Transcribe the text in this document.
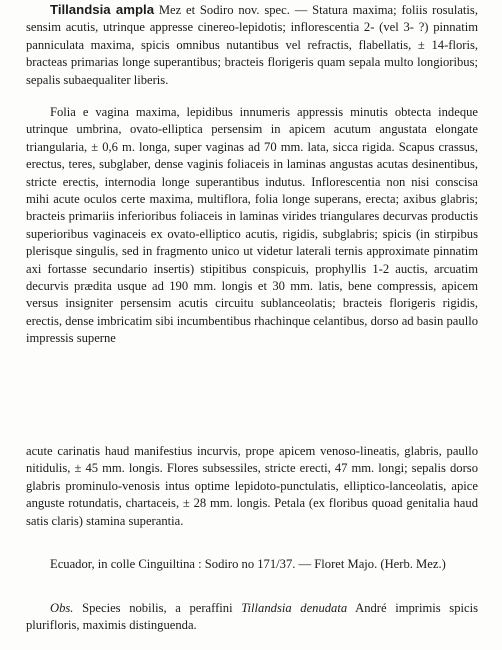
Tillandsia ampla Mez et Sodiro nov. spec. — Statura maxima; foliis rosulatis, sensim acutis, utrinque appresse cinereo-lepidotis; inflorescentia 2- (vel 3- ?) pinnatim panniculata maxima, spicis omnibus nutantibus vel refractis, flabellatis, ± 14-floris, bracteas primarias longe superantibus; bracteis florigeris quam sepala multo longioribus; sepalis subaequaliter liberis.

Folia e vagina maxima, lepidibus innumeris appressis minutis obtecta indeque utrinque umbrina, ovato-elliptica persensim in apicem acutum angustata elongate triangularia, ± 0,6 m. longa, super vaginas ad 70 mm. lata, sicca rigida. Scapus crassus, erectus, teres, subglaber, dense vaginis foliaceis in laminas angustas acutas desinentibus, stricte erectis, internodia longe superantibus indutus. Inflorescentia non nisi conscisa mihi acute oculos certe maxima, multiflora, folia longe superans, erecta; axibus glabris; bracteis primariis inferioribus foliaceis in laminas virides triangulares decurvas productis superioribus vaginaceis ex ovato-elliptico acutis, rigidis, subglabris; spicis (in stirpibus plerisque singulis, sed in fragmento unico ut videtur laterali ternis approximate pinnatim axi fortasse secundario insertis) stipitibus conspicuis, prophyllis 1-2 auctis, arcuatim decurvis prædita usque ad 190 mm. longis et 30 mm. latis, bene compressis, apicem versus insigniter persensim acutis circuitu sublanceolatis; bracteis florigeris rigidis, erectis, dense imbricatim sibi incumbentibus rhachinque celantibus, dorso ad basin paullo impressis superne

acute carinatis haud manifestius incurvis, prope apicem venoso-lineatis, glabris, paullo nitidulis, ± 45 mm. longis. Flores subsessiles, stricte erecti, 47 mm. longi; sepalis dorso glabris prominulo-venosis intus optime lepidoto-punctulatis, elliptico-lanceolatis, apice anguste rotundatis, chartaceis, ± 28 mm. longis. Petala (ex floribus quoad genitalia haud satis claris) stamina superantia.

Ecuador, in colle Cinguiltina : Sodiro no 171/37. — Floret Majo. (Herb. Mez.)

Obs. Species nobilis, a peraffini Tillandsia denudata André imprimis spicis plurifloris, maximis distinguenda.
